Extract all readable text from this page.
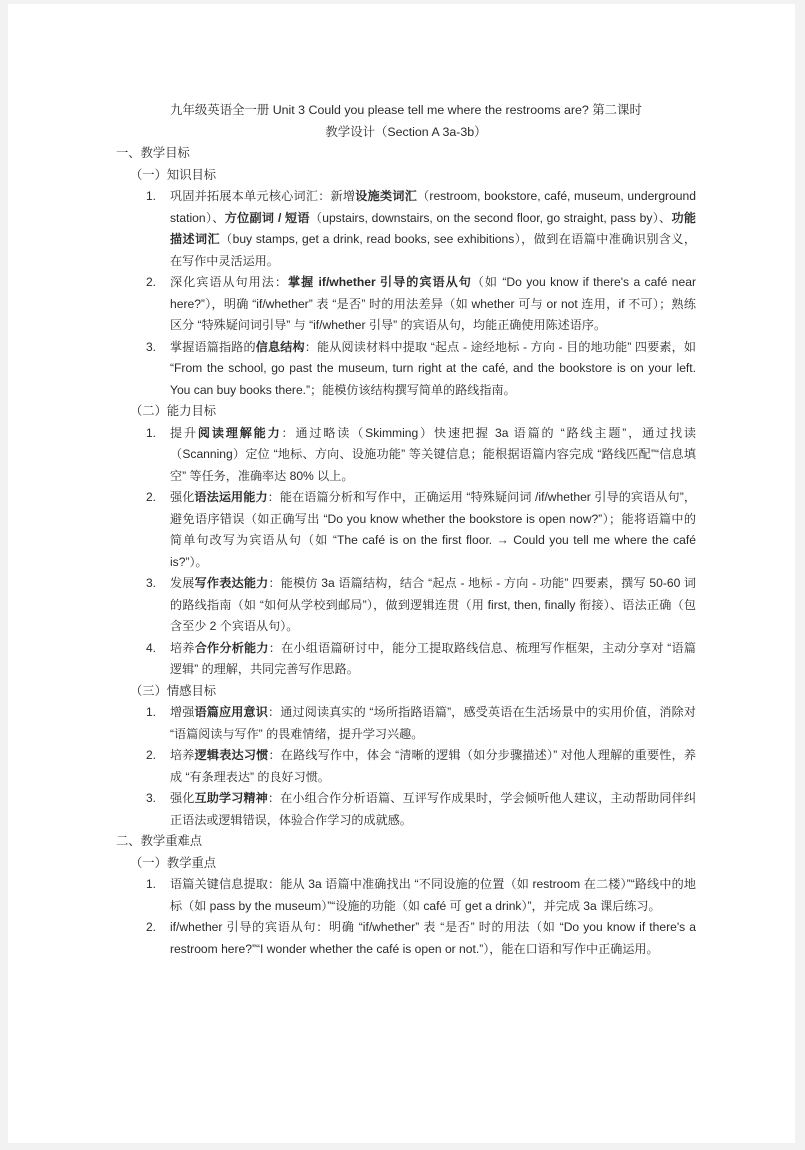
九年级英语全一册 Unit 3 Could you please tell me where the restrooms are? 第二课时
教学设计（Section A 3a-3b）
一、教学目标
（一）知识目标
1.	巩固并拓展本单元核心词汇：新增设施类词汇（restroom, bookstore, café, museum, underground station）、方位副词 / 短语（upstairs, downstairs, on the second floor, go straight, pass by）、功能描述词汇（buy stamps, get a drink, read books, see exhibitions），做到在语篇中准确识别含义，在写作中灵活运用。
2.	深化宾语从句用法：掌握 if/whether 引导的宾语从句（如 “Do you know if there's a café near here?”），明确 “if/whether” 表 “是否” 时的用法差异（如 whether 可与 or not 连用，if 不可）；熟练区分 “特殊疑问词引导” 与 “if/whether 引导” 的宾语从句，均能正确使用陈述语序。
3.	掌握语篇指路的信息结构：能从阅读材料中提取 “起点 - 途经地标 - 方向 - 目的地功能” 四要素，如 “From the school, go past the museum, turn right at the café, and the bookstore is on your left. You can buy books there.”；能模仿该结构撰写简单的路线指南。
（二）能力目标
1.	提升阅读理解能力：通过略读（Skimming）快速把握 3a 语篇的 “路线主题”，通过找读（Scanning）定位 “地标、方向、设施功能” 等关键信息；能根据语篇内容完成 “路线匹配”“信息填空” 等任务，准确率达 80% 以上。
2.	强化语法运用能力：能在语篇分析和写作中，正确运用 “特殊疑问词 /if/whether 引导的宾语从句”，避免语序错误（如正确写出 “Do you know whether the bookstore is open now?”）；能将语篇中的简单句改写为宾语从句（如 “The café is on the first floor. → Could you tell me where the café is?”）。
3.	发展写作表达能力：能模仿 3a 语篇结构，结合 “起点 - 地标 - 方向 - 功能” 四要素，撰写 50-60 词的路线指南（如 “如何从学校到邮局”），做到逻辑连贯（用 first, then, finally 衔接）、语法正确（包含至少 2 个宾语从句）。
4.	培养合作分析能力：在小组语篇研讨中，能分工提取路线信息、梳理写作框架，主动分享对 “语篇逻辑” 的理解，共同完善写作思路。
（三）情感目标
1.	增强语篇应用意识：通过阅读真实的 “场所指路语篇”，感受英语在生活场景中的实用价值，消除对 “语篇阅读与写作” 的畏难情绪，提升学习兴趣。
2.	培养逻辑表达习惯：在路线写作中，体会 “清晰的逻辑（如分步骤描述）” 对他人理解的重要性，养成 “有条理表达” 的良好习惯。
3.	强化互助学习精神：在小组合作分析语篇、互评写作成果时，学会倾听他人建议，主动帮助同伴纠正语法或逻辑错误，体验合作学习的成就感。
二、教学重难点
（一）教学重点
1.	语篇关键信息提取：能从 3a 语篇中准确找出 “不同设施的位置（如 restroom 在二楼）”“路线中的地标（如 pass by the museum）”“设施的功能（如 café 可 get a drink）”，并完成 3a 课后练习。
2.	if/whether 引导的宾语从句：明确 “if/whether” 表 “是否” 时的用法（如 “Do you know if there's a restroom here?”“I wonder whether the café is open or not.”），能在口语和写作中正确运用。
